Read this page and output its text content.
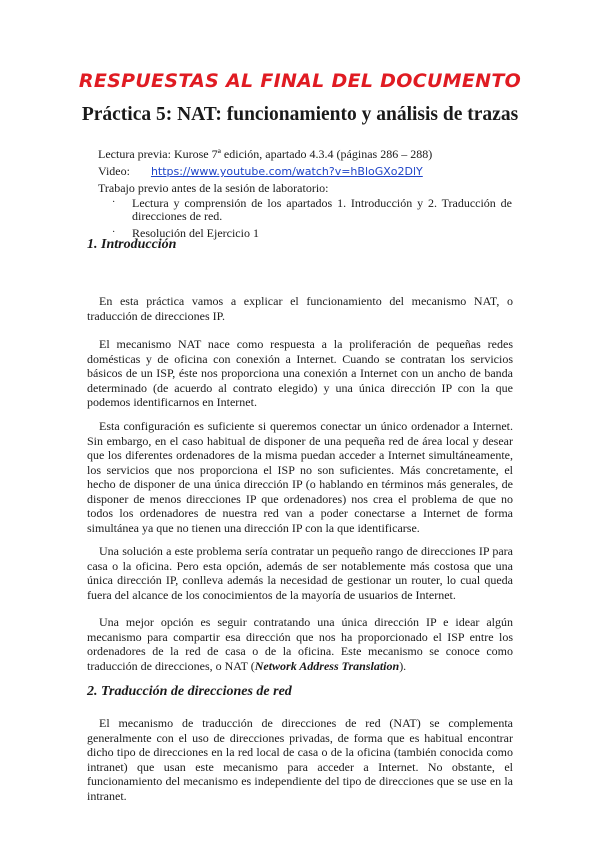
RESPUESTAS AL FINAL DEL DOCUMENTO
Práctica 5: NAT: funcionamiento y análisis de trazas
Lectura previa: Kurose 7ª edición, apartado 4.3.4 (páginas 286 – 288)
Video: https://www.youtube.com/watch?v=hBloGXo2DlY
Trabajo previo antes de la sesión de laboratorio:
·	Lectura y comprensión de los apartados 1. Introducción y 2. Traducción de direcciones de red.
·	Resolución del Ejercicio 1
1. Introducción
En esta práctica vamos a explicar el funcionamiento del mecanismo NAT, o traducción de direcciones IP.
El mecanismo NAT nace como respuesta a la proliferación de pequeñas redes domésticas y de oficina con conexión a Internet. Cuando se contratan los servicios básicos de un ISP, éste nos proporciona una conexión a Internet con un ancho de banda determinado (de acuerdo al contrato elegido) y una única dirección IP con la que podemos identificarnos en Internet.
Esta configuración es suficiente si queremos conectar un único ordenador a Internet. Sin embargo, en el caso habitual de disponer de una pequeña red de área local y desear que los diferentes ordenadores de la misma puedan acceder a Internet simultáneamente, los servicios que nos proporciona el ISP no son suficientes. Más concretamente, el hecho de disponer de una única dirección IP (o hablando en términos más generales, de disponer de menos direcciones IP que ordenadores) nos crea el problema de que no todos los ordenadores de nuestra red van a poder conectarse a Internet de forma simultánea ya que no tienen una dirección IP con la que identificarse.
Una solución a este problema sería contratar un pequeño rango de direcciones IP para casa o la oficina. Pero esta opción, además de ser notablemente más costosa que una única dirección IP, conlleva además la necesidad de gestionar un router, lo cual queda fuera del alcance de los conocimientos de la mayoría de usuarios de Internet.
Una mejor opción es seguir contratando una única dirección IP e idear algún mecanismo para compartir esa dirección que nos ha proporcionado el ISP entre los ordenadores de la red de casa o de la oficina. Este mecanismo se conoce como traducción de direcciones, o NAT (Network Address Translation).
2. Traducción de direcciones de red
El mecanismo de traducción de direcciones de red (NAT) se complementa generalmente con el uso de direcciones privadas, de forma que es habitual encontrar dicho tipo de direcciones en la red local de casa o de la oficina (también conocida como intranet) que usan este mecanismo para acceder a Internet. No obstante, el funcionamiento del mecanismo es independiente del tipo de direcciones que se use en la intranet.
